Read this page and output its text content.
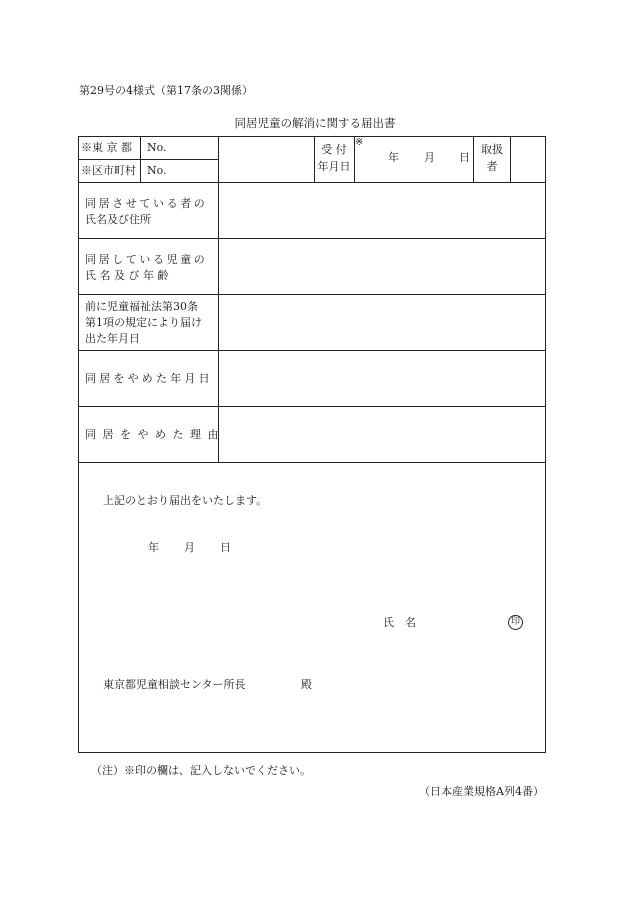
第29号の4様式（第17条の3関係）
同居児童の解消に関する届出書
※東 京 都 No.
※区市町村 No.
受 付
年月日
※
年 月 日
取扱
者
同居させている者の
氏名及び住所
同居している児童の
氏 名 及 び 年 齢
前に児童福祉法第30条
第1項の規定により届け
出た年月日
同居をやめた年月日
同居をやめた理由
上記のとおり届出をいたします。
年 月 日
氏　名	印
東京都児童相談センター所長	殿
（注） ※印の欄は、記入しないでください。
（日本産業規格A列4番）
